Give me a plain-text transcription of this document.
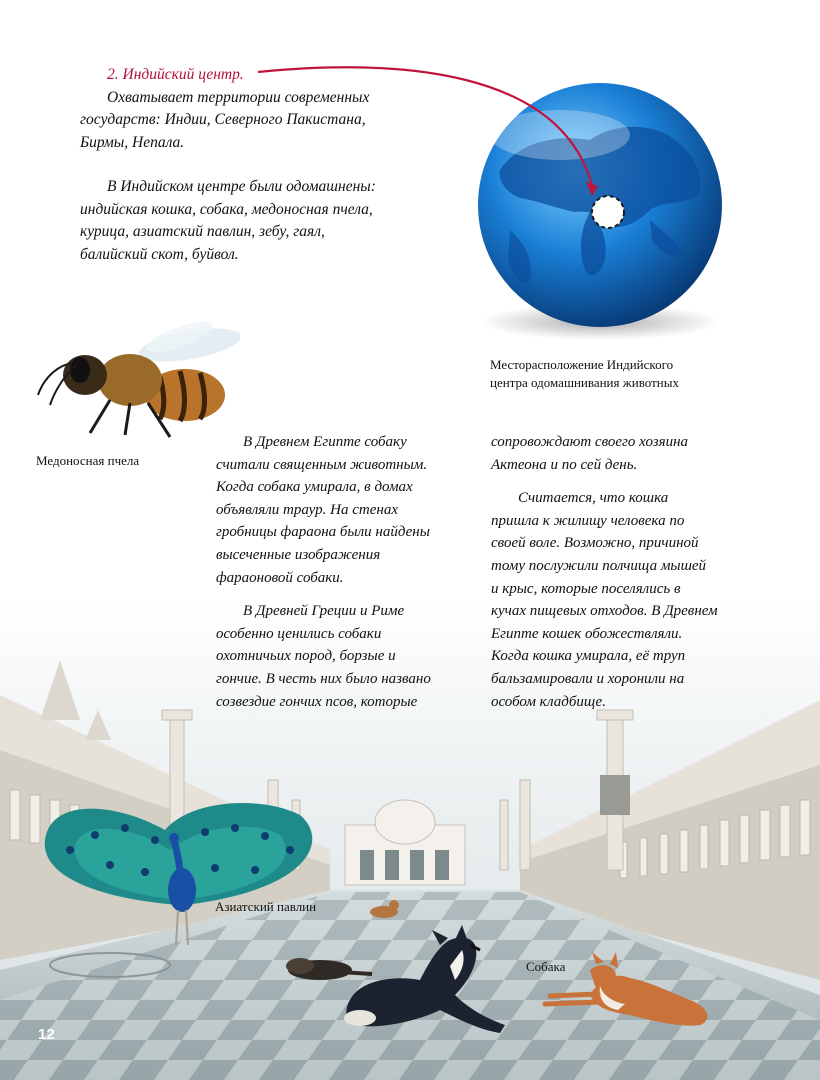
2. Индийский центр.

Охватывает территории современных

государств: Индии, Северного Пакистана,

Бирмы, Непала.

В Индийском центре были одомашнены:

индийская кошка, собака, медоносная пчела,

курица, азиатский павлин, зебу, гаял,

балийский скот, буйвол.

Месторасположение Индийского
центра одомашнивания животных
Медоносная пчела

В Древнем Египте собаку

считали священным животным.

Когда собака умирала, в домах

объявляли траур. На стенах

гробницы фараона были найдены

высеченные изображения

фараоновой собаки.

В Древней Греции и Риме

особенно ценились собаки

охотничьих пород, борзые и

гончие. В честь них было названо

созвездие гончих псов, которые

сопровождают своего хозяина

Актеона и по сей день.

Считается, что кошка

пришла к жилищу человека по

своей воле. Возможно, причиной

тому послужили полчища мышей

и крыс, которые поселялись в

кучах пищевых отходов. В Древнем

Египте кошек обожествляли.

Когда кошка умирала, её труп

бальзамировали и хоронили на

особом кладбище.

Азиатский павлин
Собака
12
